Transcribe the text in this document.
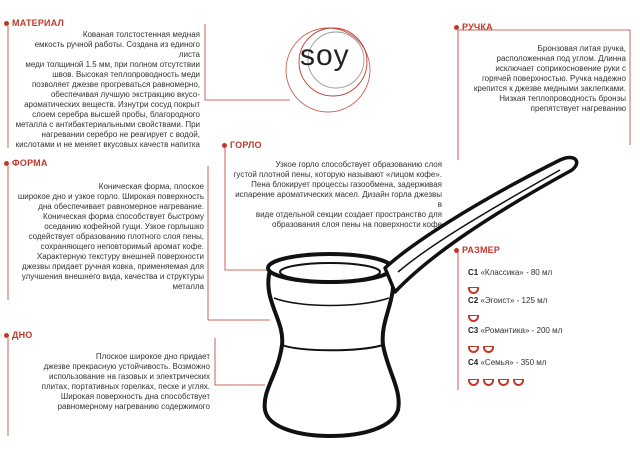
soy
МАТЕРИАЛ
Кованая толстостенная медная
емкость ручной работы. Создана из единого листа
меди толщиной 1.5 мм, при полном отсутствии
швов. Высокая теплопроводность меди
позволяет джезве прогреваться равномерно,
обеспечивая лучшую экстракцию вкусо-
ароматических веществ. Изнутри сосуд покрыт
слоем серебра высшей пробы, благородного
металла с антибактериальными свойствами. При
нагревании серебро не реагирует с водой,
кислотами и не меняет вкусовых качеств напитка
ФОРМА
Коническая форма, плоское
широкое дно и узкое горло. Широкая поверхность
дна обеспечивает равномерное нагревание.
Коническая форма способствует быстрому
оседанию кофейной гущи. Узкое горлышко
содействует образованию плотного слоя пены,
сохраняющего неповторимый аромат кофе.
Характерную текстуру внешней поверхности
джезвы придает ручная ковка, применяемая для
улучшения внешнего вида, качества и структуры
металла
ДНО
Плоское широкое дно придает
джезве прекрасную устойчивость. Возможно
использование на газовых и электрических
плитах, портативных горелках, песке и углях.
Широкая поверхность дна способствует
равномерному нагреванию содержимого
ГОРЛО
Узкое горло способствует образованию слоя
густой плотной пены, которую называют «лицом кофе».
Пена блокирует процессы газообмена, задерживая
испарение ароматических масел. Дизайн горла джезвы в
виде отдельной секции создает пространство для
образования слоя пены на поверхности кофе
РУЧКА
Бронзовая литая ручка,
расположенная под углом. Длинна
исключает соприкосновение руки с
горячей поверхностью. Ручка надежно
крепится к джезве медными заклепками.
Низкая теплопроводность бронзы
препятствует нагреванию
РАЗМЕР
C1 «Классика» - 80 мл
C2 «Эгоист» - 125 мл
C3 «Романтика» - 200 мл
C4 «Семья» - 350 мл
